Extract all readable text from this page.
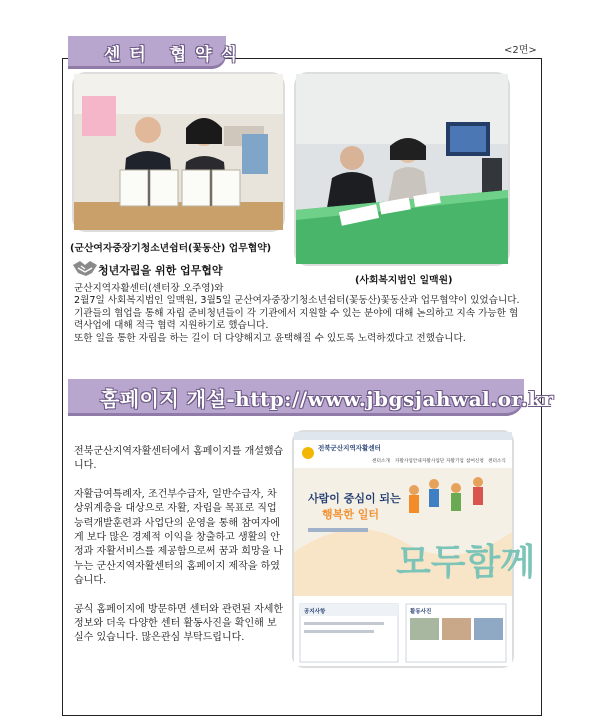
센터 협약식	<2면>
(군산여자중장기청소년쉼터(꽃동산) 업무협약)
(사회복지법인 일맥원)
청년자립을 위한 업무협약

군산지역자활센터(센터장 오주영)와

2월7일 사회복지법인 일맥원, 3월5일 군산여자중장기청소년쉼터(꽃동산)꽃동산과 업무협약이 있었습니다.

기관들의 협업을 통해 자립 준비청년들이 각 기관에서 지원할 수 있는 분야에 대해 논의하고 지속 가능한 협력사업에 대해 적극 협력 지원하기로 했습니다.

또한 일을 통한 자립을 하는 길이 더 다양해지고 윤택해질 수 있도록 노력하겠다고 전했습니다.

홈페이지 개설-http://www.jbgsjahwal.or.kr

전북군산지역자활센터에서 홈페이지를 개설했습니다.

자활급여특례자, 조건부수급자, 일반수급자, 차상위계층을 대상으로 자활, 자립을 목표로 직업능력개발훈련과 사업단의 운영을 통해 참여자에게 보다 많은 경제적 이익을 창출하고 생활의 안정과 자활서비스를 제공함으로써 꿈과 희망을 나누는 군산지역자활센터의 홈페이지 제작을 하였습니다.

공식 홈페이지에 방문하면 센터와 관련된 자세한 정보와 더욱 다양한 센터 활동사진을 확인해 보실수 있습니다. 많은관심 부탁드립니다.

전북군산지역자활센터
센터소개 자활사업안내 자활사업단 자활기업 참여신청 센터소식
사람이 중심이 되는
행복한 일터
모두함께
공지사항	활동사진
